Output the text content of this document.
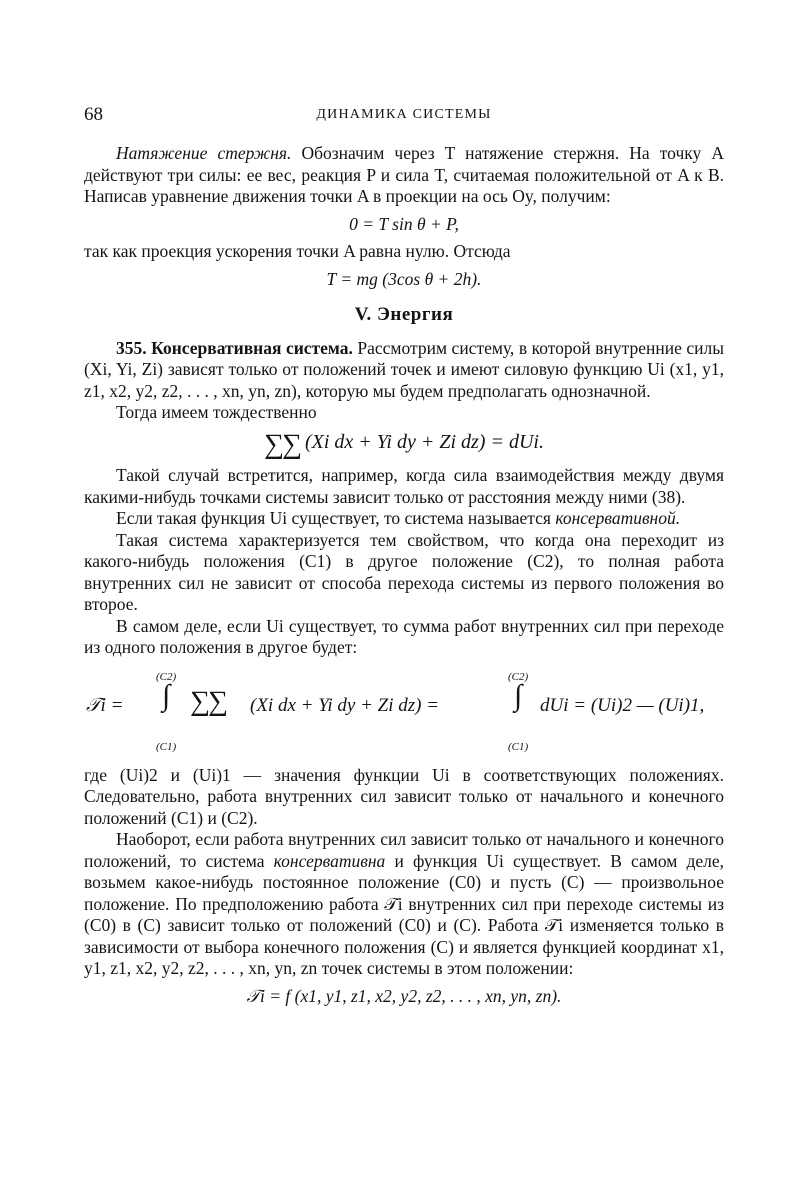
68	ДИНАМИКА СИСТЕМЫ

Натяжение стержня. Обозначим через T натяжение стержня. На точку A действуют три силы: ее вес, реакция P и сила T, считаемая положительной от A к B. Написав уравнение движения точки A в проекции на ось Oy, получим:

0 = T sin θ + P,

так как проекция ускорения точки A равна нулю. Отсюда

T = mg (3cos θ + 2h).
V. Энергия

355. Консервативная система. Рассмотрим систему, в которой внутренние силы (Xi, Yi, Zi) зависят только от положений точек и имеют силовую функцию Ui (x1, y1, z1, x2, y2, z2, . . . , xn, yn, zn), которую мы будем предполагать однозначной.

Тогда имеем тождественно

∑∑ (Xi dx + Yi dy + Zi dz) = dUi.

Такой случай встретится, например, когда сила взаимодействия между двумя какими-нибудь точками системы зависит только от расстояния между ними (38).

Если такая функция Ui существует, то система называется консервативной.

Такая система характеризуется тем свойством, что когда она переходит из какого-нибудь положения (C1) в другое положение (C2), то полная работа внутренних сил не зависит от способа перехода системы из первого положения во второе.

В самом деле, если Ui существует, то сумма работ внутренних сил при переходе из одного положения в другое будет:

𝒯i =
(C2)
∫
(C1)
∑∑ (Xi dx + Yi dy + Zi dz) =
(C2)
∫
(C1)
dUi = (Ui)2 — (Ui)1,

где (Ui)2 и (Ui)1 — значения функции Ui в соответствующих положениях. Следовательно, работа внутренних сил зависит только от начального и конечного положений (C1) и (C2).

Наоборот, если работа внутренних сил зависит только от начального и конечного положений, то система консервативна и функция Ui существует. В самом деле, возьмем какое-нибудь постоянное положение (C0) и пусть (C) — произвольное положение. По предположению работа 𝒯i внутренних сил при переходе системы из (C0) в (C) зависит только от положений (C0) и (C). Работа 𝒯i изменяется только в зависимости от выбора конечного положения (C) и является функцией координат x1, y1, z1, x2, y2, z2, . . . , xn, yn, zn точек системы в этом положении:

𝒯i = f (x1, y1, z1, x2, y2, z2, . . . , xn, yn, zn).
